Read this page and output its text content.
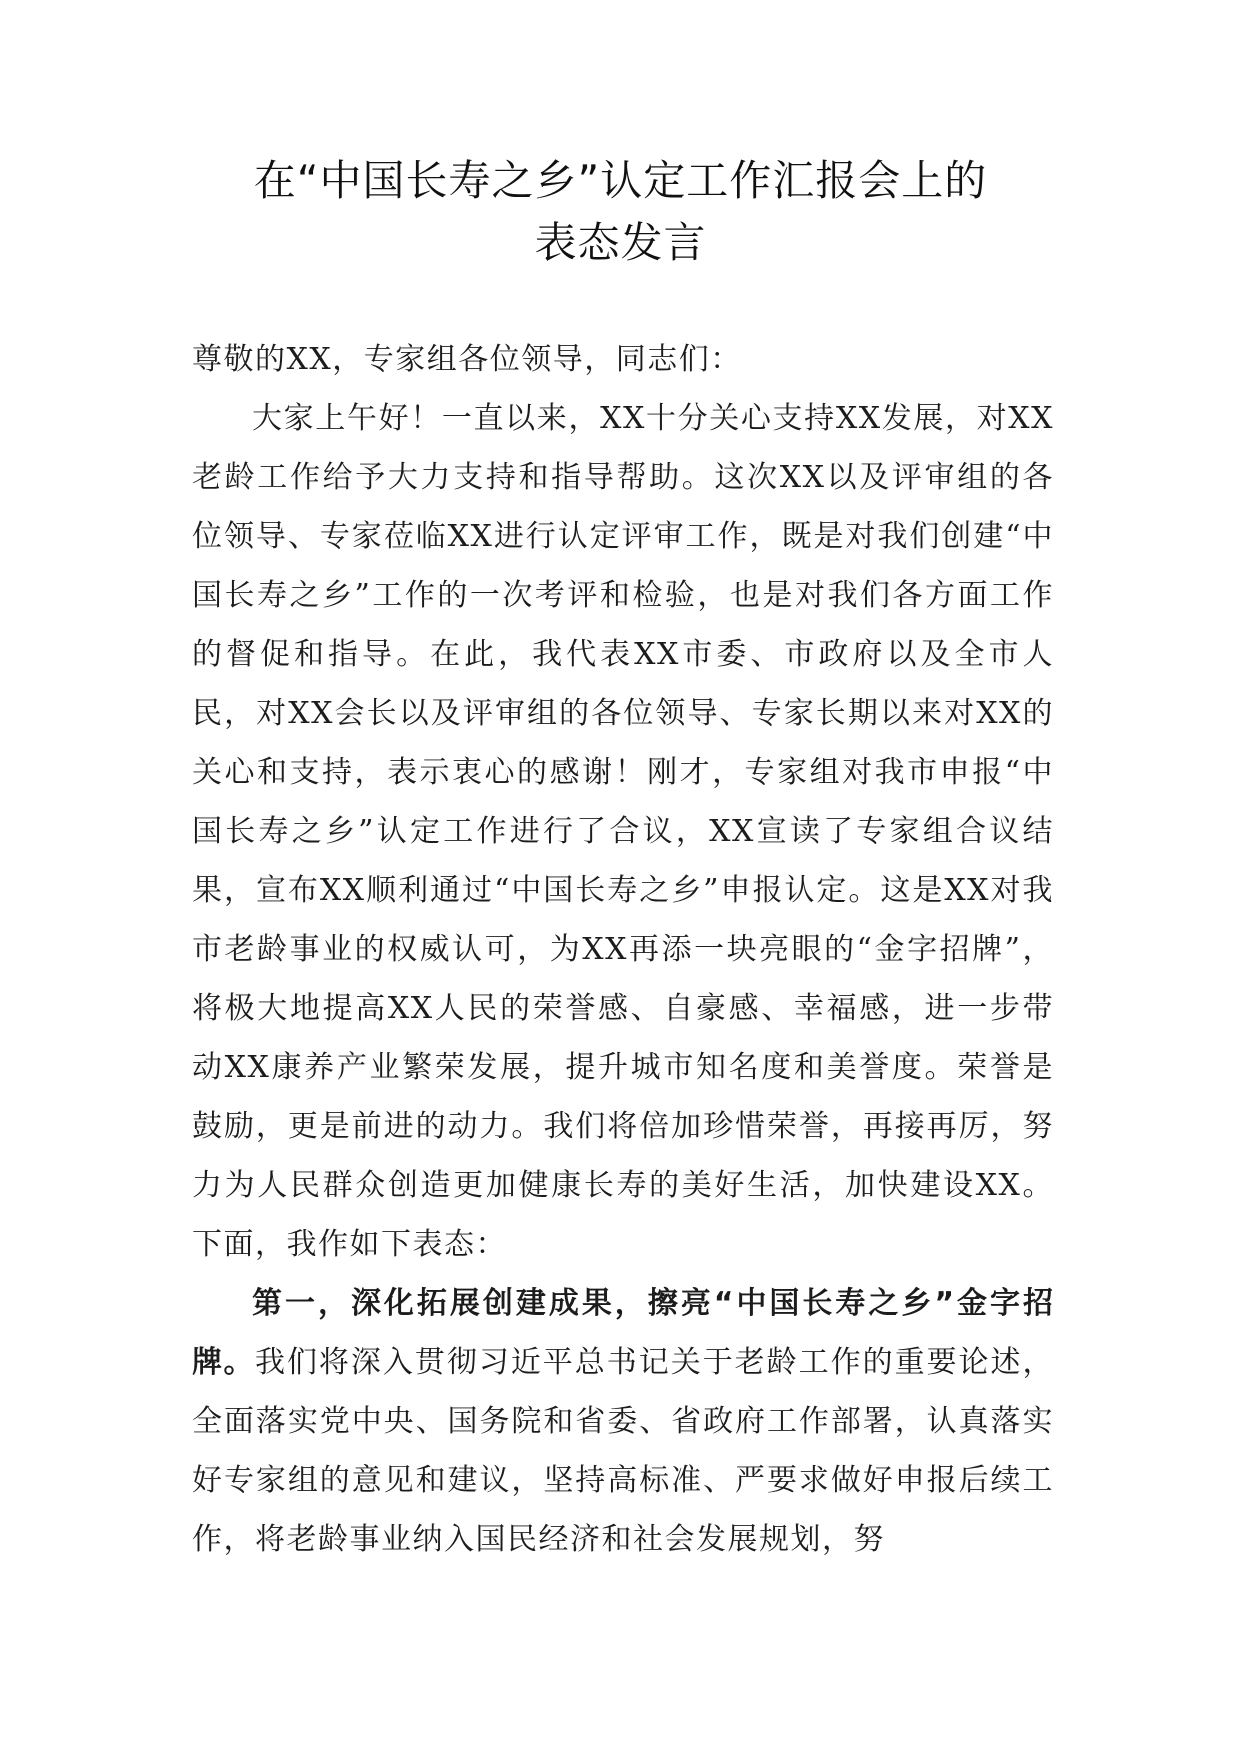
在“中国长寿之乡”认定工作汇报会上的
表态发言

尊敬的XX，专家组各位领导，同志们：

大家上午好！一直以来，XX十分关心支持XX发展，对XX老龄工作给予大力支持和指导帮助。这次XX以及评审组的各位领导、专家莅临XX进行认定评审工作，既是对我们创建“中国长寿之乡”工作的一次考评和检验，也是对我们各方面工作的督促和指导。在此，我代表XX市委、市政府以及全市人民，对XX会长以及评审组的各位领导、专家长期以来对XX的关心和支持，表示衷心的感谢！刚才，专家组对我市申报“中国长寿之乡”认定工作进行了合议，XX宣读了专家组合议结果，宣布XX顺利通过“中国长寿之乡”申报认定。这是XX对我市老龄事业的权威认可，为XX再添一块亮眼的“金字招牌”，将极大地提高XX人民的荣誉感、自豪感、幸福感，进一步带动XX康养产业繁荣发展，提升城市知名度和美誉度。荣誉是鼓励，更是前进的动力。我们将倍加珍惜荣誉，再接再厉，努力为人民群众创造更加健康长寿的美好生活，加快建设XX。下面，我作如下表态：

第一，深化拓展创建成果，擦亮“中国长寿之乡”金字招牌。我们将深入贯彻习近平总书记关于老龄工作的重要论述，全面落实党中央、国务院和省委、省政府工作部署，认真落实好专家组的意见和建议，坚持高标准、严要求做好申报后续工作，将老龄事业纳入国民经济和社会发展规划，努
